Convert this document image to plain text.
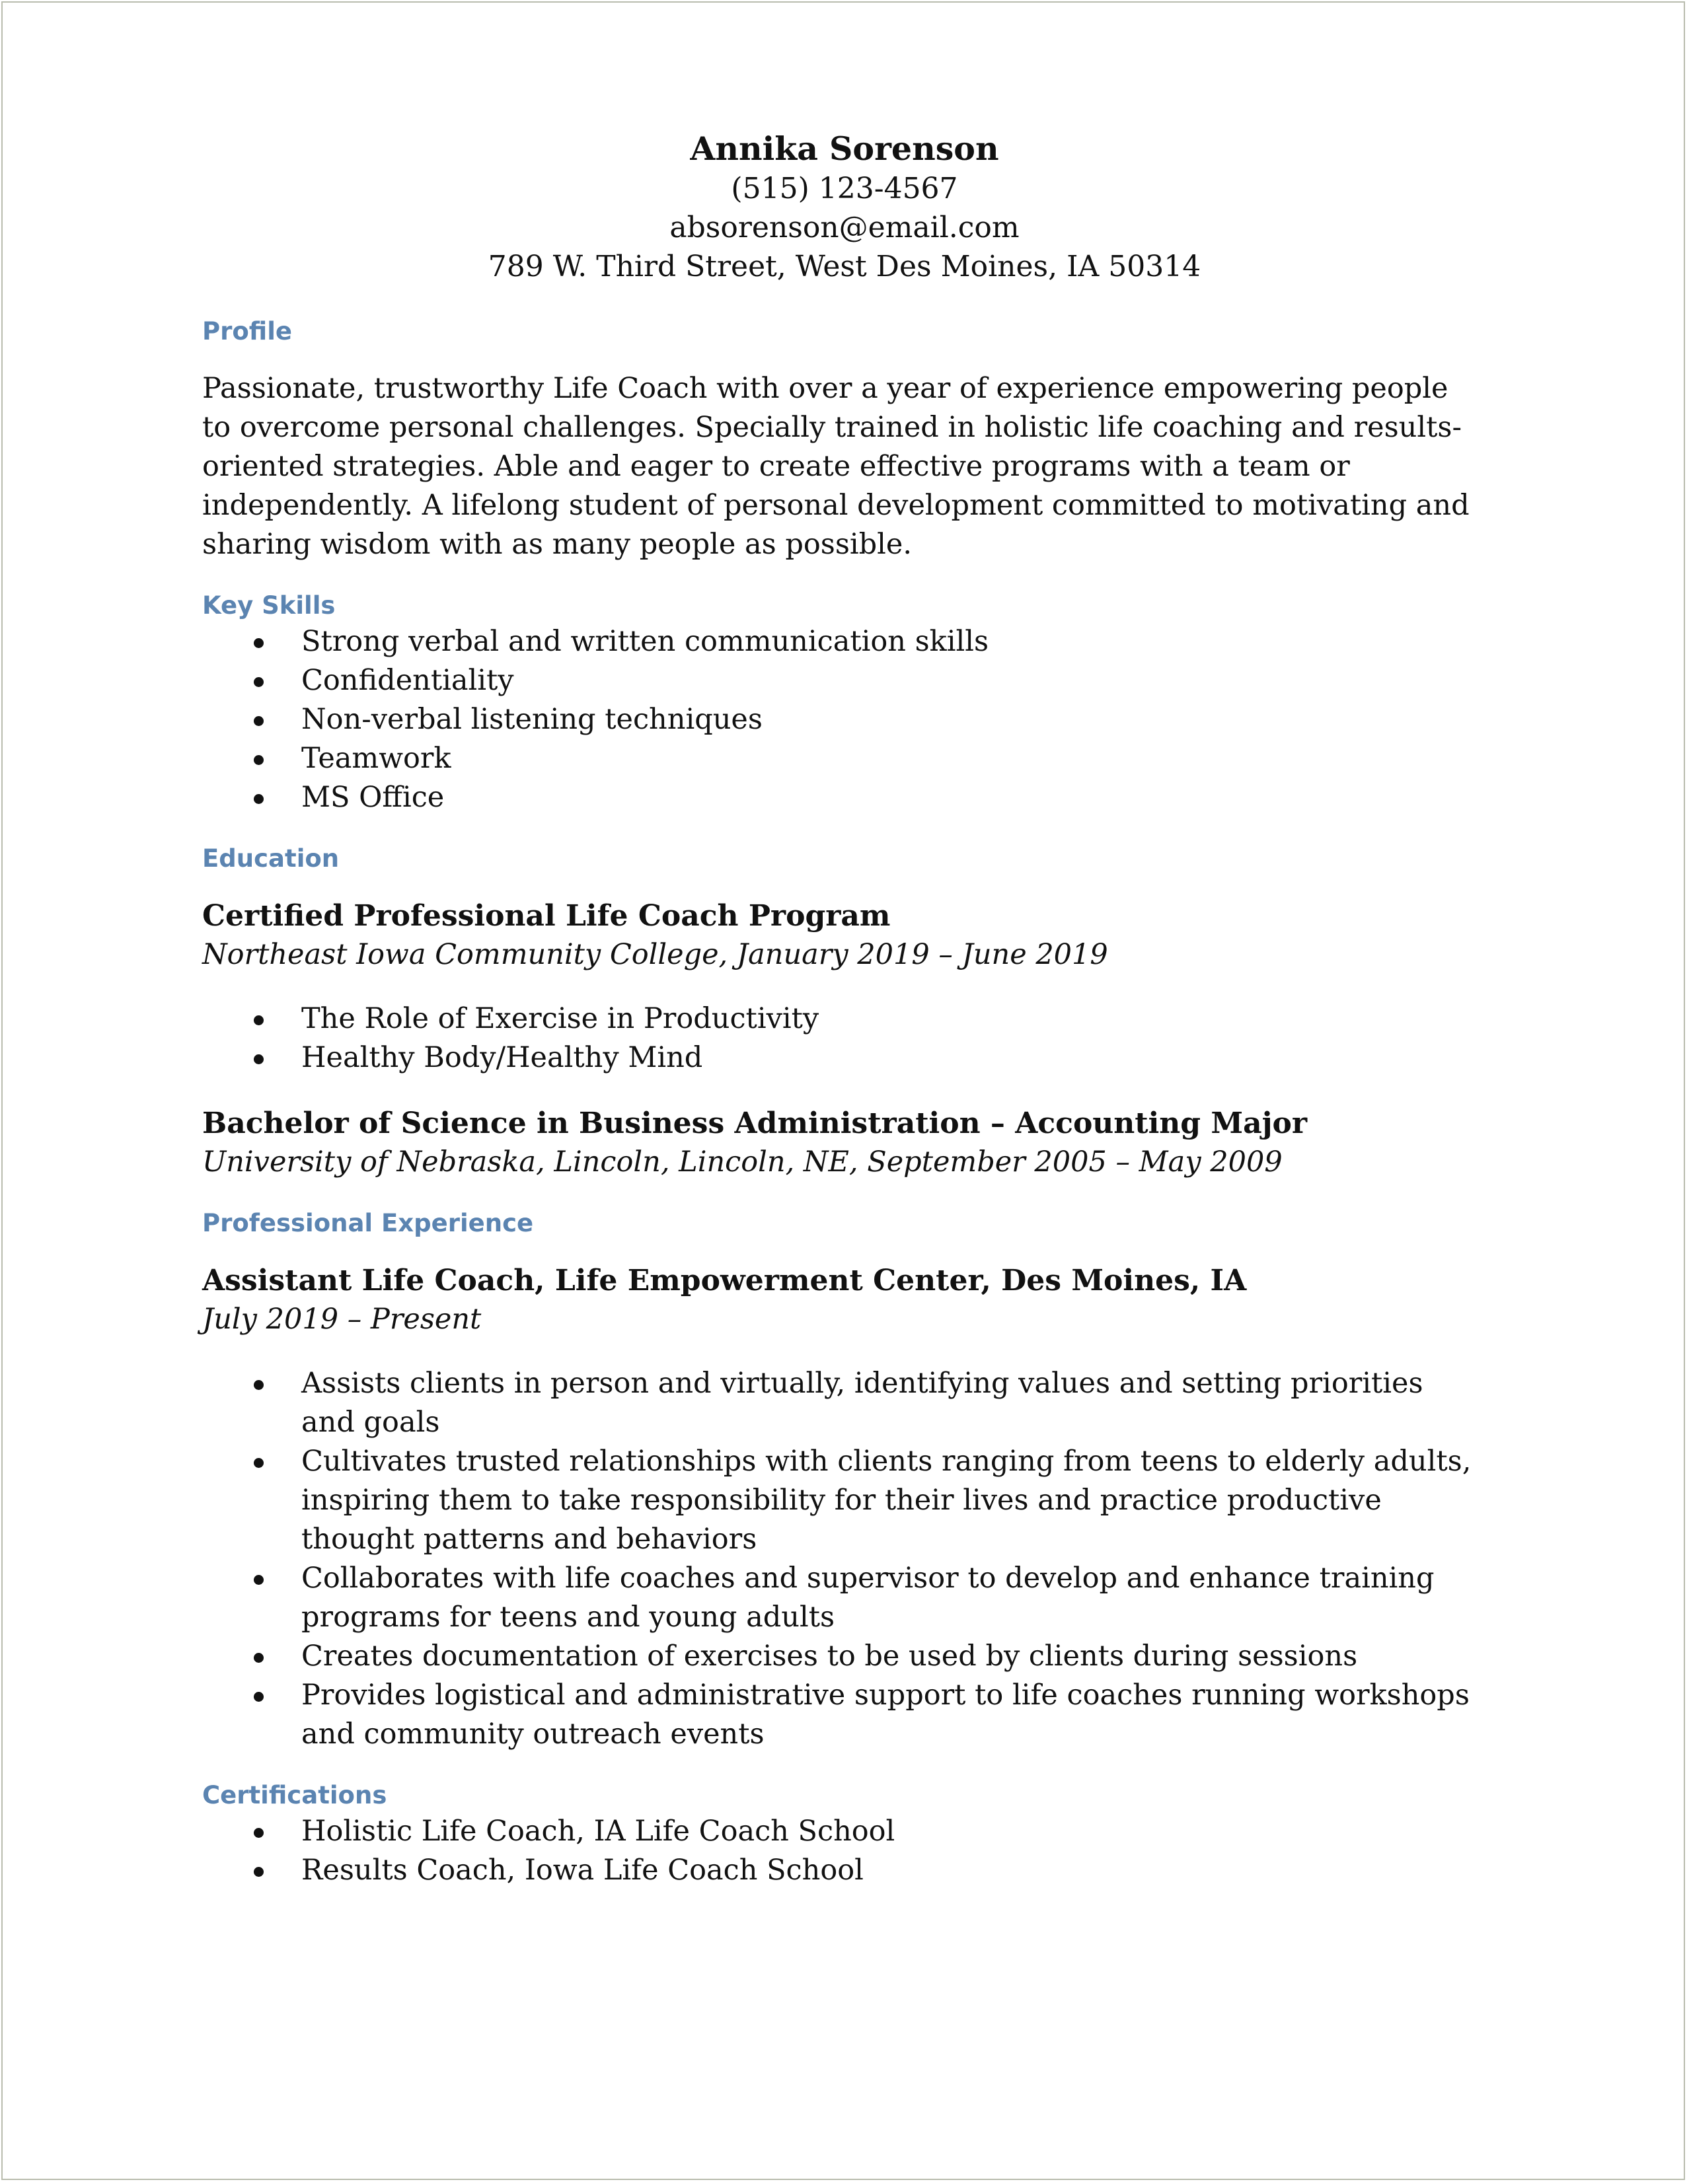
Annika Sorenson
(515) 123-4567
absorenson@email.com
789 W. Third Street, West Des Moines, IA 50314
Profile
Passionate, trustworthy Life Coach with over a year of experience empowering people to overcome personal challenges. Specially trained in holistic life coaching and results-oriented strategies. Able and eager to create effective programs with a team or independently. A lifelong student of personal development committed to motivating and sharing wisdom with as many people as possible.
Key Skills
Strong verbal and written communication skills
Confidentiality
Non-verbal listening techniques
Teamwork
MS Office
Education
Certified Professional Life Coach Program
Northeast Iowa Community College, January 2019 – June 2019
The Role of Exercise in Productivity
Healthy Body/Healthy Mind
Bachelor of Science in Business Administration – Accounting Major
University of Nebraska, Lincoln, Lincoln, NE, September 2005 – May 2009
Professional Experience
Assistant Life Coach, Life Empowerment Center, Des Moines, IA
July 2019 – Present
Assists clients in person and virtually, identifying values and setting priorities and goals
Cultivates trusted relationships with clients ranging from teens to elderly adults, inspiring them to take responsibility for their lives and practice productive thought patterns and behaviors
Collaborates with life coaches and supervisor to develop and enhance training programs for teens and young adults
Creates documentation of exercises to be used by clients during sessions
Provides logistical and administrative support to life coaches running workshops and community outreach events
Certifications
Holistic Life Coach, IA Life Coach School
Results Coach, Iowa Life Coach School
